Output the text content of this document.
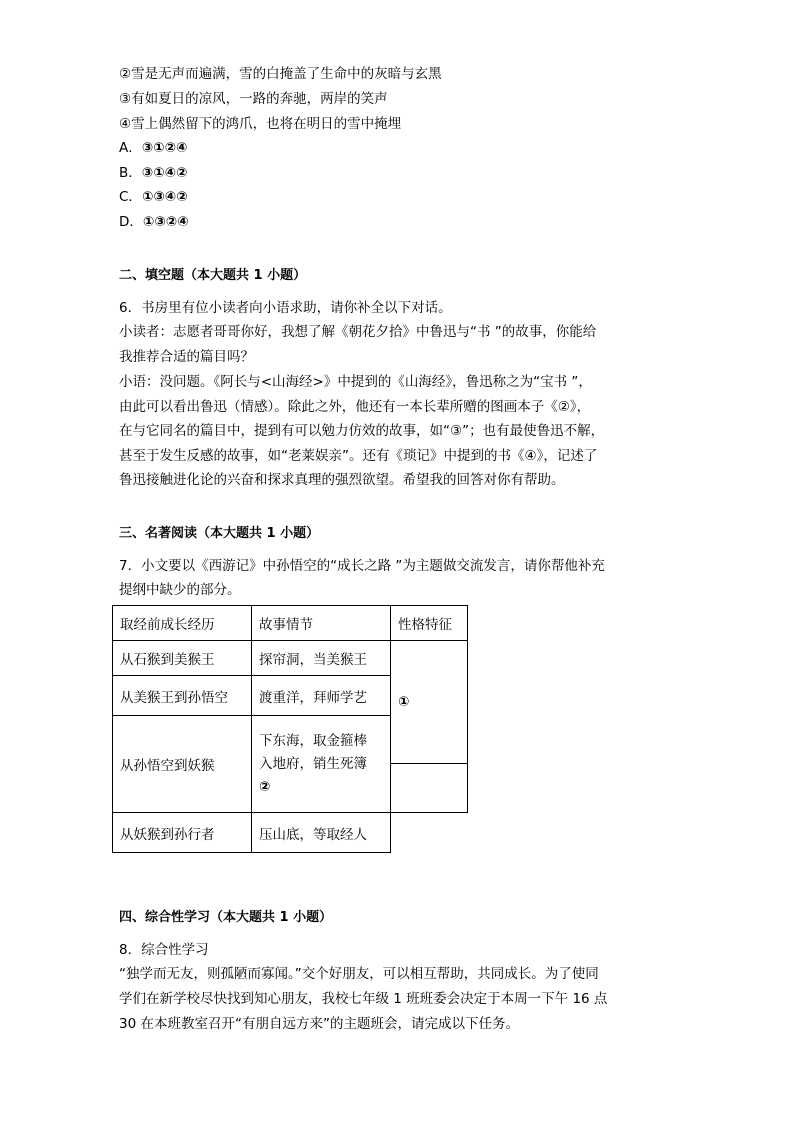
②雪是无声而遍满，雪的白掩盖了生命中的灰暗与玄黑
③有如夏日的凉风，一路的奔驰，两岸的笑声
④雪上偶然留下的鸿爪，也将在明日的雪中掩埋
A．③①②④
B．③①④②
C．①③④②
D．①③②④
二、填空题（本大题共 1 小题）
6．书房里有位小读者向小语求助，请你补全以下对话。
小读者：志愿者哥哥你好，我想了解《朝花夕拾》中鲁迅与“书 ”的故事，你能给
我推荐合适的篇目吗？
小语：没问题。《阿长与<山海经>》中提到的《山海经》，鲁迅称之为“宝书 ”，
由此可以看出鲁迅（情感）。除此之外，他还有一本长辈所赠的图画本子《②》，
在与它同名的篇目中，提到有可以勉力仿效的故事，如“③”；也有最使鲁迅不解，
甚至于发生反感的故事，如“老莱娱亲”。还有《琐记》中提到的书《④》，记述了
鲁迅接触进化论的兴奋和探求真理的强烈欲望。希望我的回答对你有帮助。
三、名著阅读（本大题共 1 小题）
7．小文要以《西游记》中孙悟空的“成长之路 ”为主题做交流发言，请你帮他补充
提纲中缺少的部分。
取经前成长经历	故事情节	性格特征
从石猴到美猴王	探帘洞，当美猴王	①
从美猴王到孙悟空	渡重洋，拜师学艺	
从孙悟空到妖猴	下东海，取金箍棒
入地府，销生死簿
②	

从妖猴到孙行者	压山底，等取经人	
四、综合性学习（本大题共 1 小题）
8．综合性学习
“独学而无友，则孤陋而寡闻。”交个好朋友，可以相互帮助，共同成长。为了使同
学们在新学校尽快找到知心朋友，我校七年级 1 班班委会决定于本周一下午 16 点
30 在本班教室召开“有朋自远方来”的主题班会，请完成以下任务。
